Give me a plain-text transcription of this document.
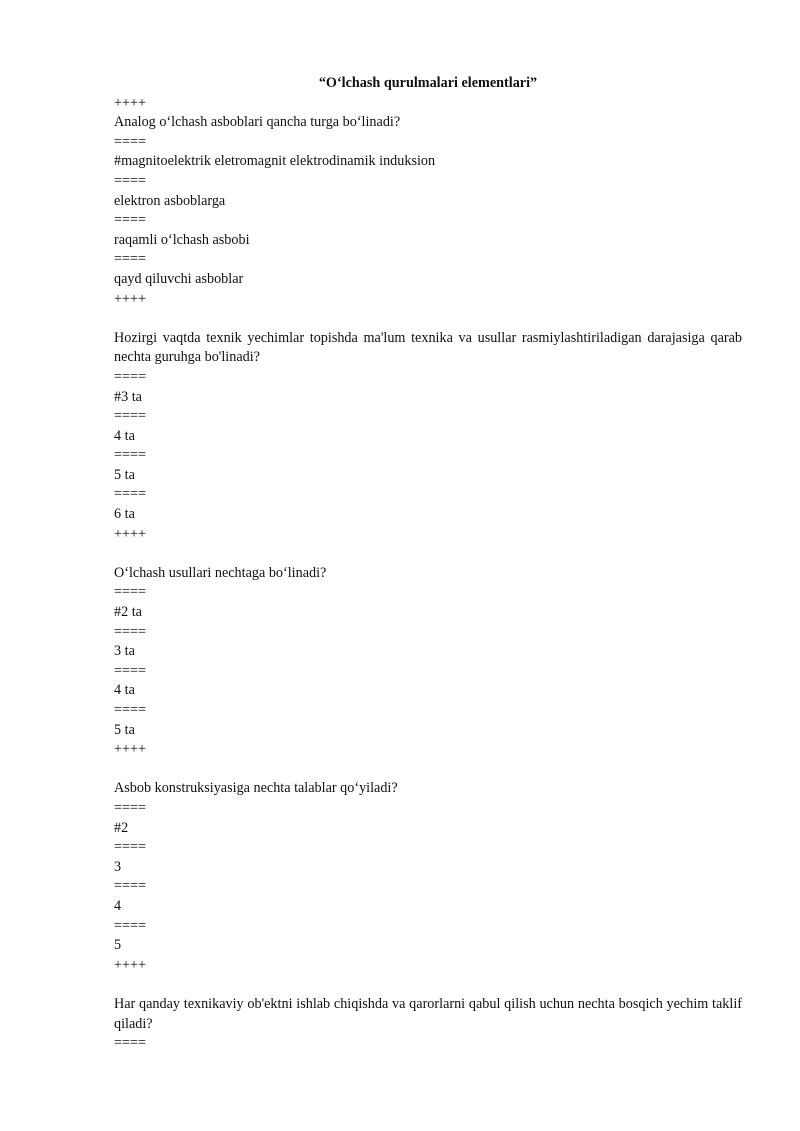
“O‘lchash qurulmalari elementlari”

++++

Analog o‘lchash asboblari qancha turga bo‘linadi?

====

#magnitoelektrik eletromagnit elektrodinamik induksion

====

elektron asboblarga

====

raqamli o‘lchash asbobi

====

qayd qiluvchi asboblar

++++

Hozirgi vaqtda texnik yechimlar topishda ma'lum texnika va usullar rasmiylashtiriladigan darajasiga qarab nechta guruhga bo'linadi?

====

#3 ta

====

4 ta

====

5 ta

====

6 ta

++++

O‘lchash usullari nechtaga bo‘linadi?

====

#2 ta

====

3 ta

====

4 ta

====

5 ta

++++

Asbob konstruksiyasiga nechta talablar qo‘yiladi?

====

#2

====

3

====

4

====

5

++++

Har qanday texnikaviy ob'ektni ishlab chiqishda va qarorlarni qabul qilish uchun nechta bosqich yechim taklif qiladi?

====
